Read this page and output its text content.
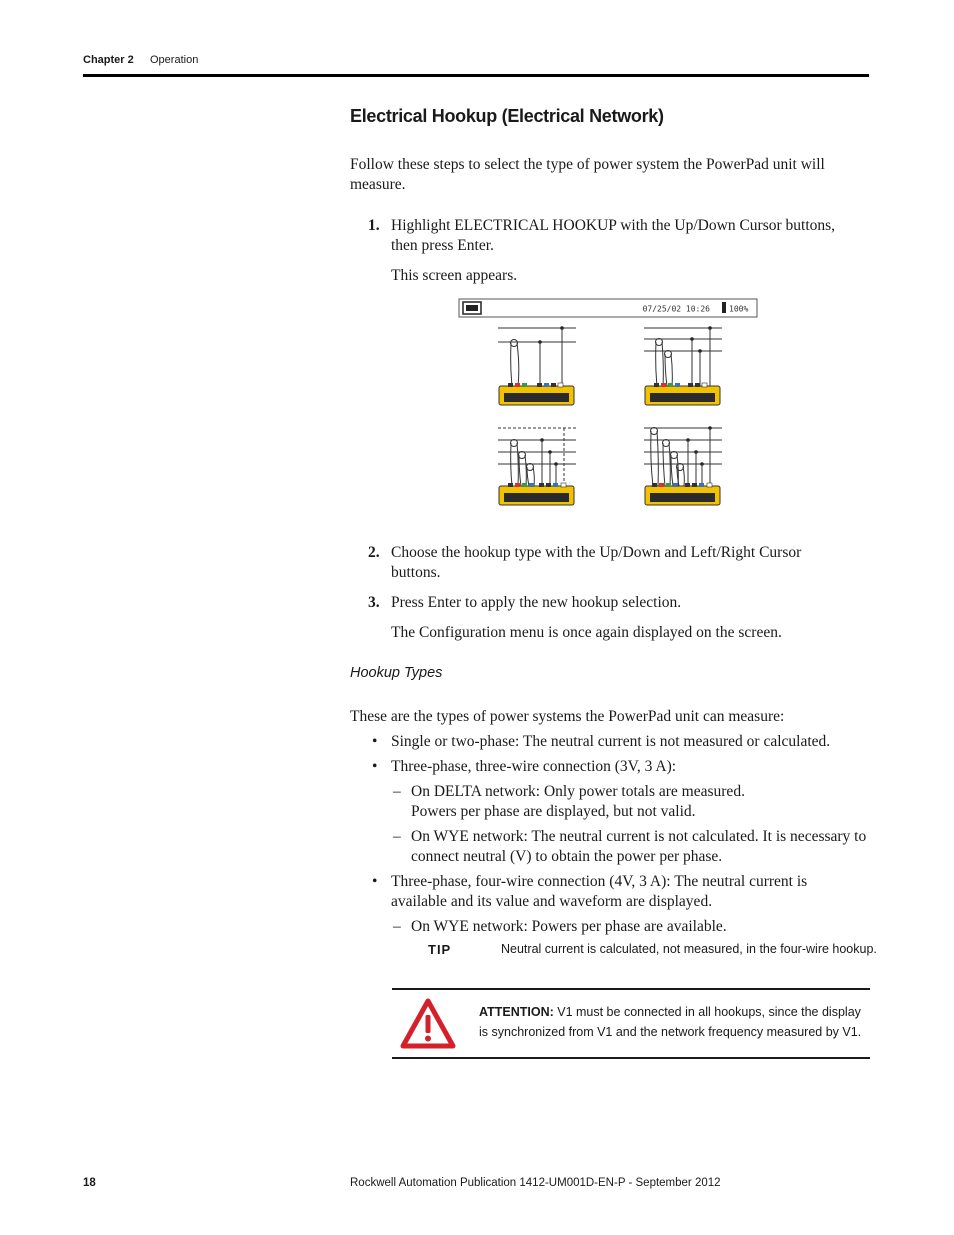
Chapter 2 Operation
Electrical Hookup (Electrical Network)
Follow these steps to select the type of power system the PowerPad unit will measure.
1. Highlight ELECTRICAL HOOKUP with the Up/Down Cursor buttons, then press Enter.
This screen appears.
07/25/02 10:26 100%
2. Choose the hookup type with the Up/Down and Left/Right Cursor buttons.
3. Press Enter to apply the new hookup selection.
The Configuration menu is once again displayed on the screen.
Hookup Types
These are the types of power systems the PowerPad unit can measure:
• Single or two-phase: The neutral current is not measured or calculated.
• Three-phase, three-wire connection (3V, 3 A):
– On DELTA network: Only power totals are measured. Powers per phase are displayed, but not valid.
– On WYE network: The neutral current is not calculated. It is necessary to connect neutral (V) to obtain the power per phase.
• Three-phase, four-wire connection (4V, 3 A): The neutral current is available and its value and waveform are displayed.
– On WYE network: Powers per phase are available.
TIP	Neutral current is calculated, not measured, in the four-wire hookup.
ATTENTION: V1 must be connected in all hookups, since the display is synchronized from V1 and the network frequency measured by V1.
18	Rockwell Automation Publication 1412-UM001D-EN-P - September 2012
